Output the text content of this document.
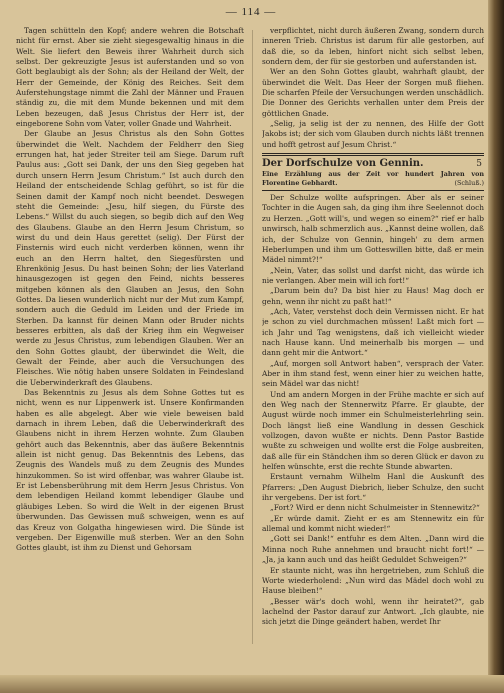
— 114 —

Tagen schütteln den Kopf; andere wehren die Botschaft nicht für ernst. Aber sie zieht siegesgewaltig hinaus in die Welt. Sie liefert den Beweis ihrer Wahrheit durch sich selbst. Der gekreuzigte Jesus ist auferstanden und so von Gott beglaubigt als der Sohn; als der Heiland der Welt, der Herr der Gemeinde, der König des Reiches. Seit dem Auferstehungstage nimmt die Zahl der Männer und Frauen ständig zu, die mit dem Munde bekennen und mit dem Leben bezeugen, daß Jesus Christus der Herr ist, der eingeborene Sohn vom Vater, voller Gnade und Wahrheit.

Der Glaube an Jesus Christus als den Sohn Gottes überwindet die Welt. Nachdem der Feldherr den Sieg errungen hat, hat jeder Streiter teil am Siege. Darum ruft Paulus aus: „Gott sei Dank, der uns den Sieg gegeben hat durch unsern Herrn Jesum Christum.“ Ist auch durch den Heiland der entscheidende Schlag geführt, so ist für die Seinen damit der Kampf noch nicht beendet. Deswegen steht die Gemeinde: „Jesu, hilf siegen, du Fürste des Lebens.“ Willst du auch siegen, so begib dich auf den Weg des Glaubens. Glaube an den Herrn Jesum Christum, so wirst du und dein Haus gerettet (selig). Der Fürst der Finsternis wird euch nicht verderben können, wenn ihr euch an den Herrn haltet, den Siegesfürsten und Ehrenkönig Jesus. Du hast beinen Sohn; der lies Vaterland hinausgezogen ist gegen den Feind, nichts besseres mitgeben können als den Glauben an Jesus, den Sohn Gottes. Da liesen wunderlich nicht nur der Mut zum Kampf, sondern auch die Geduld im Leiden und der Friede im Sterben. Da kannst für deinen Mann oder Bruder nichts besseres erbitten, als daß der Krieg ihm ein Wegweiser werde zu Jesus Christus, zum lebendigen Glauben. Wer an den Sohn Gottes glaubt, der überwindet die Welt, die Gewalt der Feinde, aber auch die Versuchungen des Fleisches. Wie nötig haben unsere Soldaten in Feindesland die Ueberwinderkraft des Glaubens.

Das Bekenntnis zu Jesus als dem Sohne Gottes tut es nicht, wenn es nur Lippenwerk ist. Unsere Konfirmanden haben es alle abgelegt. Aber wie viele beweisen bald darnach in ihrem Leben, daß die Ueberwinderkraft des Glaubens nicht in ihrem Herzen wohnte. Zum Glauben gehört auch das Bekenntnis, aber das äußere Bekenntnis allein ist nicht genug. Das Bekenntnis des Lebens, das Zeugnis des Wandels muß zu dem Zeugnis des Mundes hinzukommen. So ist wird offenbar, was wahrer Glaube ist. Er ist Lebensberührung mit dem Herrn Jesus Christus. Von dem lebendigen Heiland kommt lebendiger Glaube und gläubiges Leben. So wird die Welt in der eigenen Brust überwunden. Das Gewissen muß schweigen, wenn es auf das Kreuz von Golgatha hingewiesen wird. Die Sünde ist vergeben. Der Eigenwille muß sterben. Wer an den Sohn Gottes glaubt, ist ihm zu Dienst und Gehorsam

verpflichtet, nicht durch äußeren Zwang, sondern durch inneren Trieb. Christus ist darum für alle gestorben, auf daß die, so da leben, hinfort nicht sich selbst leben, sondern dem, der für sie gestorben und auferstanden ist.

Wer an den Sohn Gottes glaubt, wahrhaft glaubt, der überwindet die Welt. Das Heer der Sorgen muß fliehen. Die scharfen Pfeile der Versuchungen werden unschädlich. Die Donner des Gerichts verhallen unter dem Preis der göttlichen Gnade.

„Selig, ja selig ist der zu nennen, des Hilfe der Gott Jakobs ist; der sich vom Glauben durch nichts läßt trennen und hofft getrost auf Jesum Christ.“

Der Dorfschulze von Gennin.	5
Eine Erzählung aus der Zeit vor hundert Jahren von Florentine Gebhardt.	(Schluß.)

Der Schulze wollte aufspringen. Aber als er seiner Tochter in die Augen sah, da ging ihm ihre Seelennot doch zu Herzen. „Gott will's, und wegen so einem?“ rief er halb unwirsch, halb schmerzlich aus. „Kannst deine wollen, daß ich, der Schulze von Gennin, hingeh' zu dem armen Heberlumpen und ihm um Gotteswillen bitte, daß er mein Mädel nimmt?!“

„Nein, Vater, das sollst und darfst nicht, das würde ich nie verlangen. Aber mein will ich fort!“

„Darum bein du? Da bist hier zu Haus! Mag doch er gehn, wenn ihr nicht zu paßt hat!“

„Ach, Vater, verstehst doch dein Vermissen nicht. Er hat je schon zu viel durchmachen müssen! Laßt mich fort — ich Jahr und Tag wenigstens, daß ich vielleicht wieder nach Hause kann. Und meinerhalb bis morgen — und dann geht mir die Antwort.“

„Auf, morgen soll Antwort haben“, versprach der Vater. Aber in ihm stand fest, wenn einer hier zu weichen hatte, sein Mädel war das nicht!

Und am andern Morgen in der Frühe machte er sich auf den Weg nach der Stennerwitz Pfarre. Er glaubte, der August würde noch immer ein Schulmeisterlehrling sein. Doch längst ließ eine Wandlung in dessen Geschick vollzogen, davon wußte er nichts. Denn Pastor Bastide wußte zu schweigen und wollte erst die Folge ausbreiten, daß alle für ein Ständchen ihm so deren Glück er davon zu helfen wünschte, erst die rechte Stunde abwarten.

Erstaunt vernahm Wilhelm Hanl die Auskunft des Pfarrers: „Den August Diebrich, lieber Schulze, den sucht ihr vergebens. Der ist fort.“

„Fort? Wird er denn nicht Schulmeister in Stennewitz?“

„Er würde damit. Zieht er es am Stennewitz ein für allemal und kommt nicht wieder!“

„Gott sei Dank!“ entfuhr es dem Alten. „Dann wird die Minna noch Ruhe annehmen und braucht nicht fort!“ — „Ja, ja kann auch und das heißt Geduldet Schweigen?“

Er staunte nicht, was ihn hergetrieben, zum Schluß die Worte wiederholend: „Nun wird das Mädel doch wohl zu Hause bleiben!“

„Besser wär's doch wohl, wenn ihr heiratet?“, gab lachelnd der Pastor darauf zur Antwort. „Ich glaubte, nie sich jetzt die Dinge geändert haben, werdet Ihr
